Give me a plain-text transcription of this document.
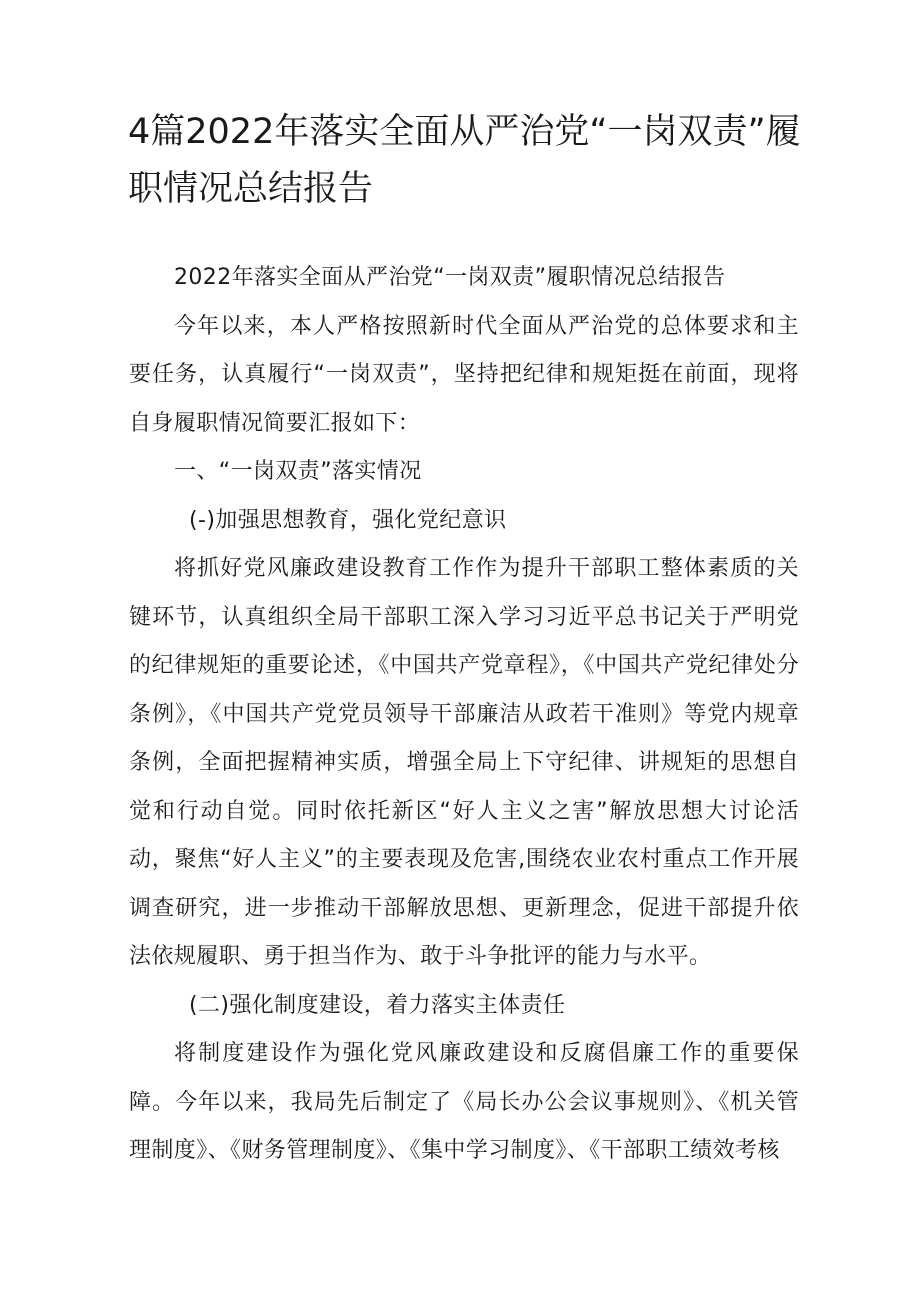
4篇2022年落实全面从严治党“一岗双责”履职情况总结报告

2022年落实全面从严治党“一岗双责”履职情况总结报告

今年以来，本人严格按照新时代全面从严治党的总体要求和主要任务，认真履行“一岗双责”，坚持把纪律和规矩挺在前面，现将自身履职情况简要汇报如下：

一、“一岗双责”落实情况

(-)加强思想教育，强化党纪意识

将抓好党风廉政建设教育工作作为提升干部职工整体素质的关键环节，认真组织全局干部职工深入学习习近平总书记关于严明党的纪律规矩的重要论述，《中国共产党章程》，《中国共产党纪律处分条例》，《中国共产党党员领导干部廉洁从政若干准则》等党内规章条例，全面把握精神实质，增强全局上下守纪律、讲规矩的思想自觉和行动自觉。同时依托新区“好人主义之害”解放思想大讨论活动，聚焦“好人主义”的主要表现及危害,围绕农业农村重点工作开展调查研究，进一步推动干部解放思想、更新理念，促进干部提升依法依规履职、勇于担当作为、敢于斗争批评的能力与水平。

(二)强化制度建设，着力落实主体责任

将制度建设作为强化党风廉政建设和反腐倡廉工作的重要保障。今年以来，我局先后制定了《局长办公会议事规则》、《机关管理制度》、《财务管理制度》、《集中学习制度》、《干部职工绩效考核
